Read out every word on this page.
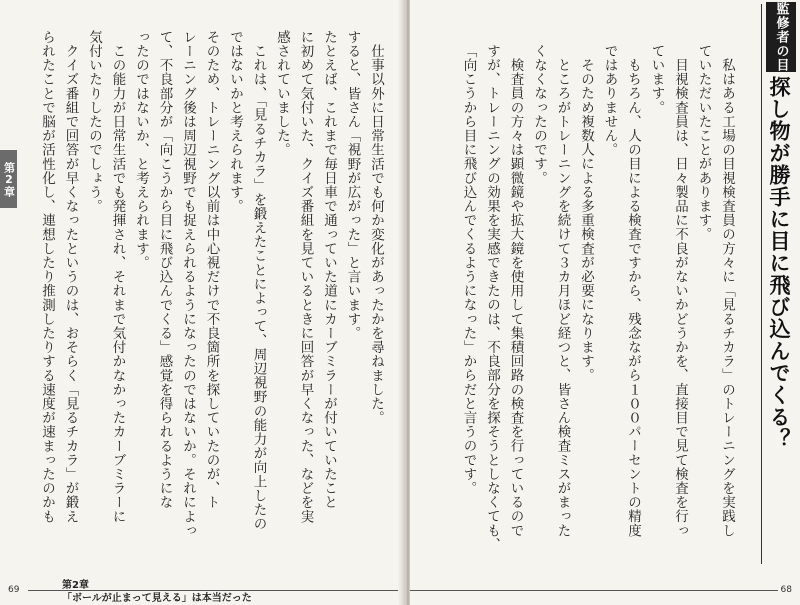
第2章	　仕事以外に日常生活でも何か変化があったかを尋ねました。

すると、皆さん「視野が広がった」と言います。

たとえば、これまで毎日車で通っていた道にカーブミラーが付いていたこと

に初めて気付いた、クイズ番組を見ているときに回答が早くなった、などを実

感されていました。

　これは、「見るチカラ」を鍛えたことによって、周辺視野の能力が向上したの

ではないかと考えられます。

そのため、トレーニング以前は中心視だけで不良箇所を探していたのが、ト

レーニング後は周辺視野でも捉えられるようになったのではないか。それによっ

て、不良部分が「向こうから目に飛び込んでくる」感覚を得られるようにな

ったのではないか、と考えられます。

　この能力が日常生活でも発揮され、それまで気付かなかったカーブミラーに

気付いたりしたのでしょう。

　クイズ番組で回答が早くなったというのは、おそらく「見るチカラ」が鍛え

られたことで脳が活性化し、連想したり推測したりする速度が速まったのかも

69	第2章
「ボールが止まって見える」は本当だった
監修者の目
探し物が勝手に目に飛び込んでくる？

　私はある工場の目視検査員の方々に「見るチカラ」のトレーニングを実践し

ていただいたことがあります。

　目視検査員は、日々製品に不良がないかどうかを、直接目で見て検査を行っ

ています。

　もちろん、人の目による検査ですから、残念ながら１００パーセントの精度

ではありません。

　そのため複数人による多重検査が必要になります。

　ところがトレーニングを続けて３カ月ほど経つと、皆さん検査ミスがまった

くなくなったのです。

　検査員の方々は顕微鏡や拡大鏡を使用して集積回路の検査を行っているので

すが、トレーニングの効果を実感できたのは、不良部分を探そうとしなくても、

「向こうから目に飛び込んでくるようになった」からだと言うのです。

68
